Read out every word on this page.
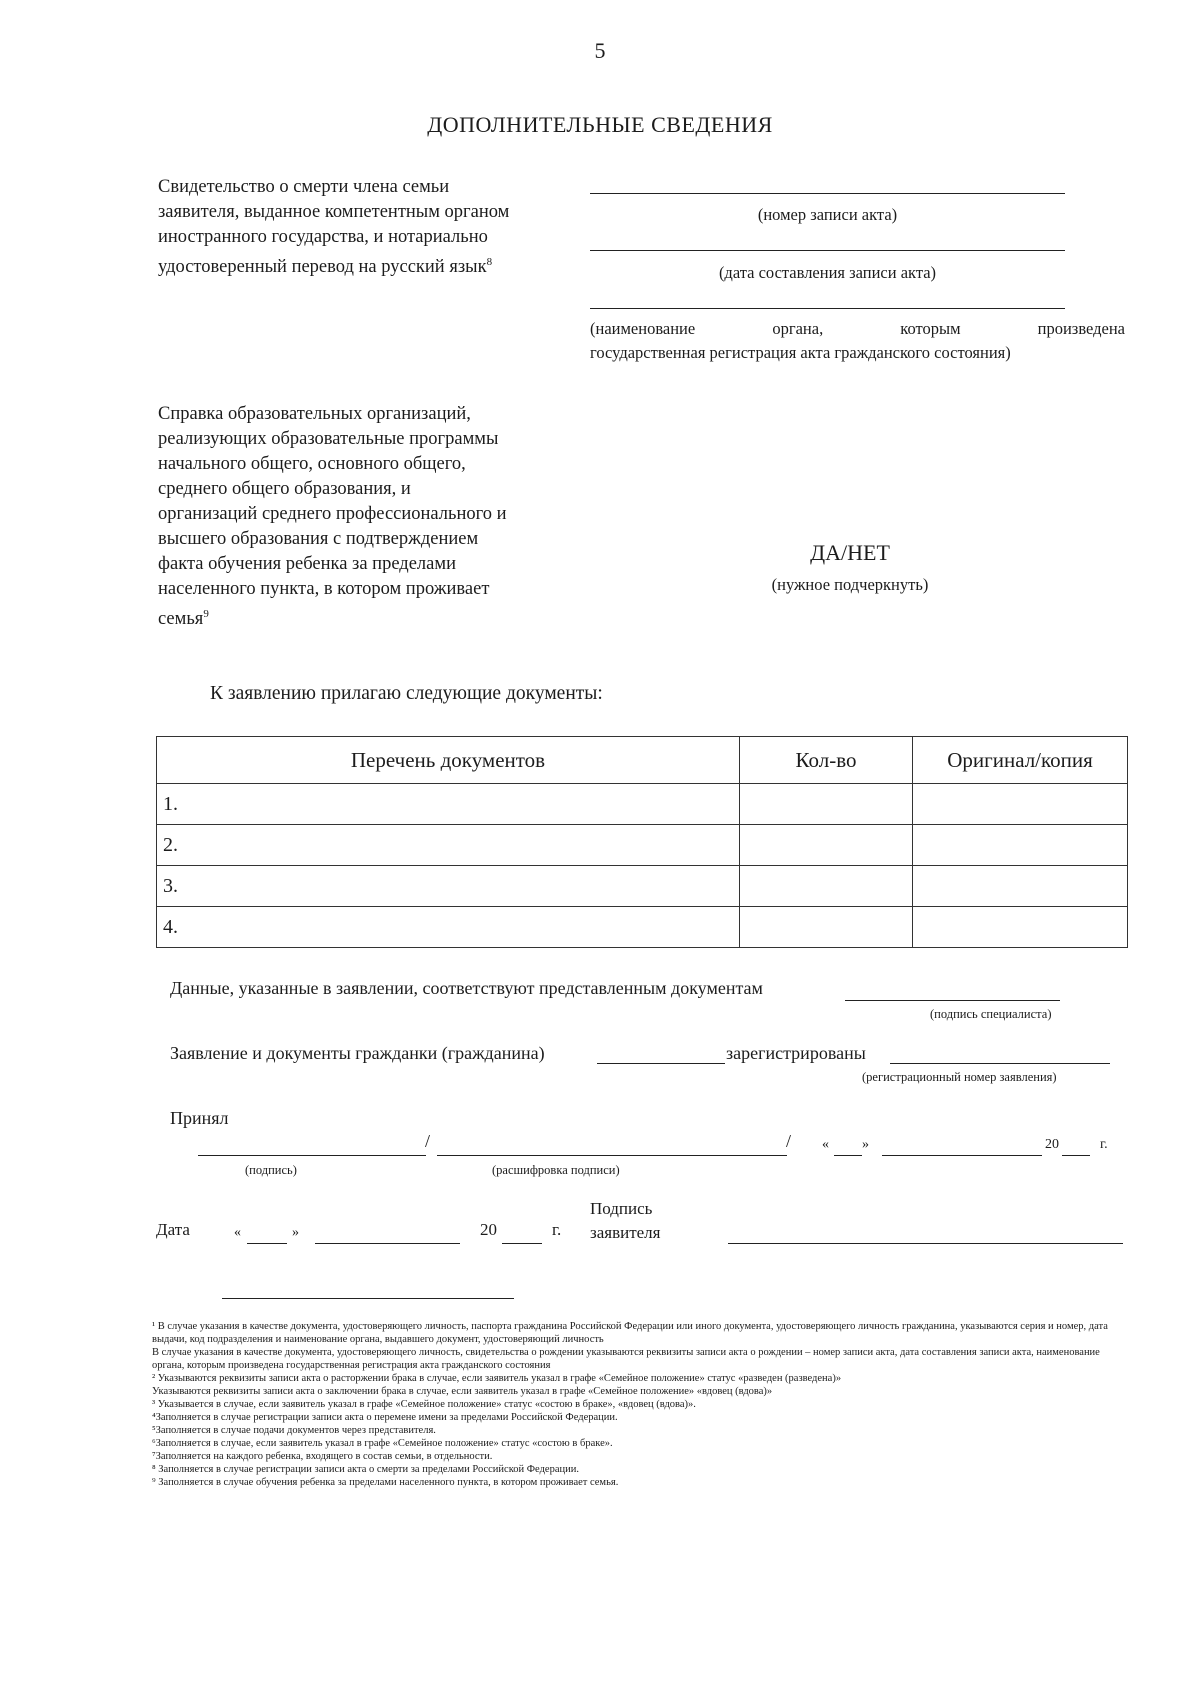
5
ДОПОЛНИТЕЛЬНЫЕ СВЕДЕНИЯ
Свидетельство о смерти члена семьи
заявителя, выданное компетентным органом
иностранного государства, и нотариально
удостоверенный перевод на русский язык$^8$
(номер записи акта)
(дата составления записи акта)
(наименование органа, которым произведена
государственная регистрация акта гражданского состояния)
Справка образовательных организаций,
реализующих образовательные программы
начального общего, основного общего,
среднего общего образования, и
организаций среднего профессионального и
высшего образования с подтверждением
факта обучения ребенка за пределами
населенного пункта, в котором проживает
семья$^9$
ДА/НЕТ
(нужное подчеркнуть)
К заявлению прилагаю следующие документы:
Перечень документов	Кол-во	Оригинал/копия
1.		
2.		
3.		
4.		
Данные, указанные в заявлении, соответствуют представленным документам
(подпись специалиста)
Заявление и документы гражданки (гражданина)	зарегистрированы
(регистрационный номер заявления)
Принял
/	/ « »	20	г.
(подпись)	(расшифровка подписи)
Дата	«	»	20	г.
Подпись
заявителя

¹ В случае указания в качестве документа, удостоверяющего личность, паспорта гражданина Российской Федерации или иного документа, удостоверяющего личность гражданина, указываются серия и номер, дата выдачи, код подразделения и наименование органа, выдавшего документ, удостоверяющий личность

В случае указания в качестве документа, удостоверяющего личность, свидетельства о рождении указываются реквизиты записи акта о рождении – номер записи акта, дата составления записи акта, наименование органа, которым произведена государственная регистрация акта гражданского состояния

² Указываются реквизиты записи акта о расторжении брака в случае, если заявитель указал в графе «Семейное положение» статус «разведен (разведена)»

Указываются реквизиты записи акта о заключении брака в случае, если заявитель указал в графе «Семейное положение» «вдовец (вдова)»

³ Указывается в случае, если заявитель указал в графе «Семейное положение» статус «состою в браке», «вдовец (вдова)».

⁴Заполняется в случае регистрации записи акта о перемене имени за пределами Российской Федерации.

⁵Заполняется в случае подачи документов через представителя.

⁶Заполняется в случае, если заявитель указал в графе «Семейное положение» статус «состою в браке».

⁷Заполняется на каждого ребенка, входящего в состав семьи, в отдельности.

⁸ Заполняется в случае регистрации записи акта о смерти за пределами Российской Федерации.

⁹ Заполняется в случае обучения ребенка за пределами населенного пункта, в котором проживает семья.
